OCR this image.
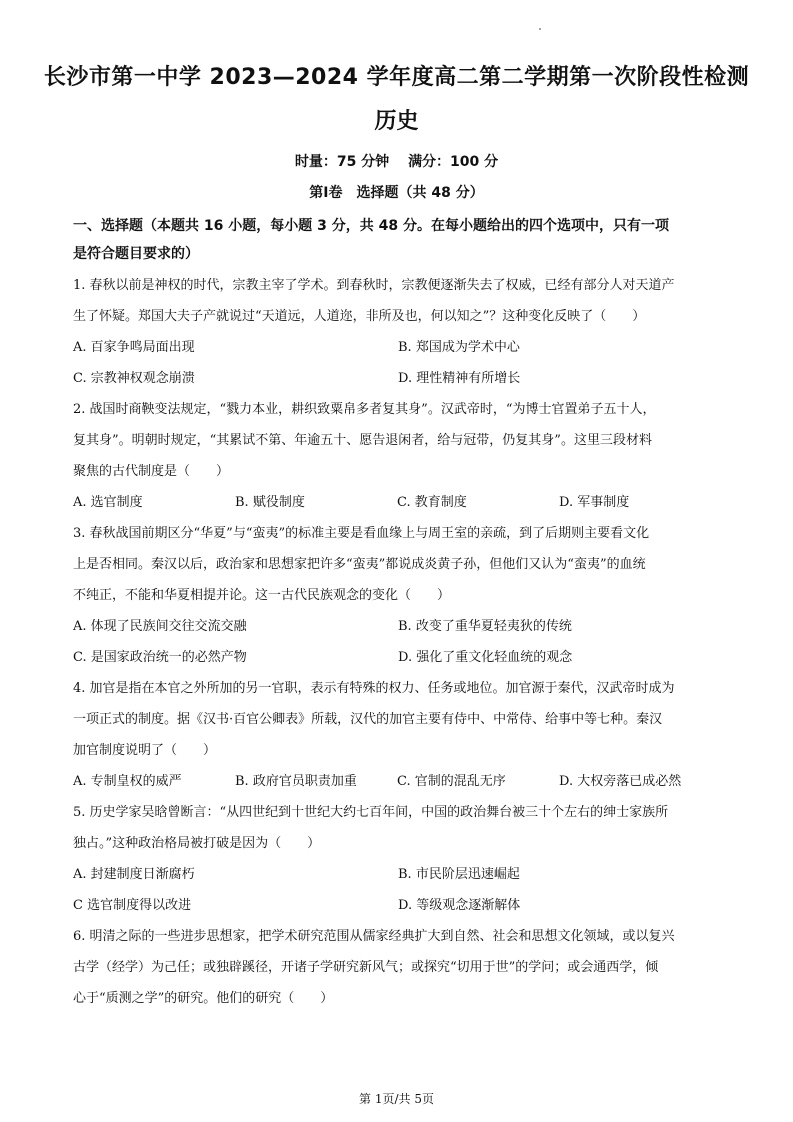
长沙市第一中学 2023—2024 学年度高二第二学期第一次阶段性检测
历史
时量：75 分钟 满分：100 分
第Ⅰ卷　选择题（共 48 分）
一、选择题（本题共 16 小题，每小题 3 分，共 48 分。在每小题给出的四个选项中，只有一项
是符合题目要求的）
1. 春秋以前是神权的时代，宗教主宰了学术。到春秋时，宗教便逐渐失去了权威，已经有部分人对天道产
生了怀疑。郑国大夫子产就说过“天道远，人道迩，非所及也，何以知之”？这种变化反映了（　　）
A. 百家争鸣局面出现	B. 郑国成为学术中心
C. 宗教神权观念崩溃	D. 理性精神有所增长
2. 战国时商鞅变法规定，“戮力本业，耕织致粟帛多者复其身”。汉武帝时，“为博士官置弟子五十人，
复其身”。明朝时规定，“其累试不第、年逾五十、愿告退闲者，给与冠带，仍复其身”。这里三段材料
聚焦的古代制度是（　　）
A. 选官制度	B. 赋役制度	C. 教育制度	D. 军事制度
3. 春秋战国前期区分“华夏”与“蛮夷”的标准主要是看血缘上与周王室的亲疏，到了后期则主要看文化
上是否相同。秦汉以后，政治家和思想家把许多“蛮夷”都说成炎黄子孙，但他们又认为“蛮夷”的血统
不纯正，不能和华夏相提并论。这一古代民族观念的变化（　　）
A. 体现了民族间交往交流交融	B. 改变了重华夏轻夷狄的传统
C. 是国家政治统一的必然产物	D. 强化了重文化轻血统的观念
4. 加官是指在本官之外所加的另一官职，表示有特殊的权力、任务或地位。加官源于秦代，汉武帝时成为
一项正式的制度。据《汉书·百官公卿表》所载，汉代的加官主要有侍中、中常侍、给事中等七种。秦汉
加官制度说明了（　　）
A. 专制皇权的威严	B. 政府官员职责加重	C. 官制的混乱无序	D. 大权旁落已成必然
5. 历史学家吴晗曾断言：“从四世纪到十世纪大约七百年间，中国的政治舞台被三十个左右的绅士家族所
独占。”这种政治格局被打破是因为（　　）
A. 封建制度日渐腐朽	B. 市民阶层迅速崛起
C 选官制度得以改进	D. 等级观念逐渐解体
6. 明清之际的一些进步思想家，把学术研究范围从儒家经典扩大到自然、社会和思想文化领域，或以复兴
古学（经学）为己任；或独辟蹊径，开诸子学研究新风气；或探究“切用于世”的学问；或会通西学，倾
心于“质测之学”的研究。他们的研究（　　）
第 1页/共 5页
